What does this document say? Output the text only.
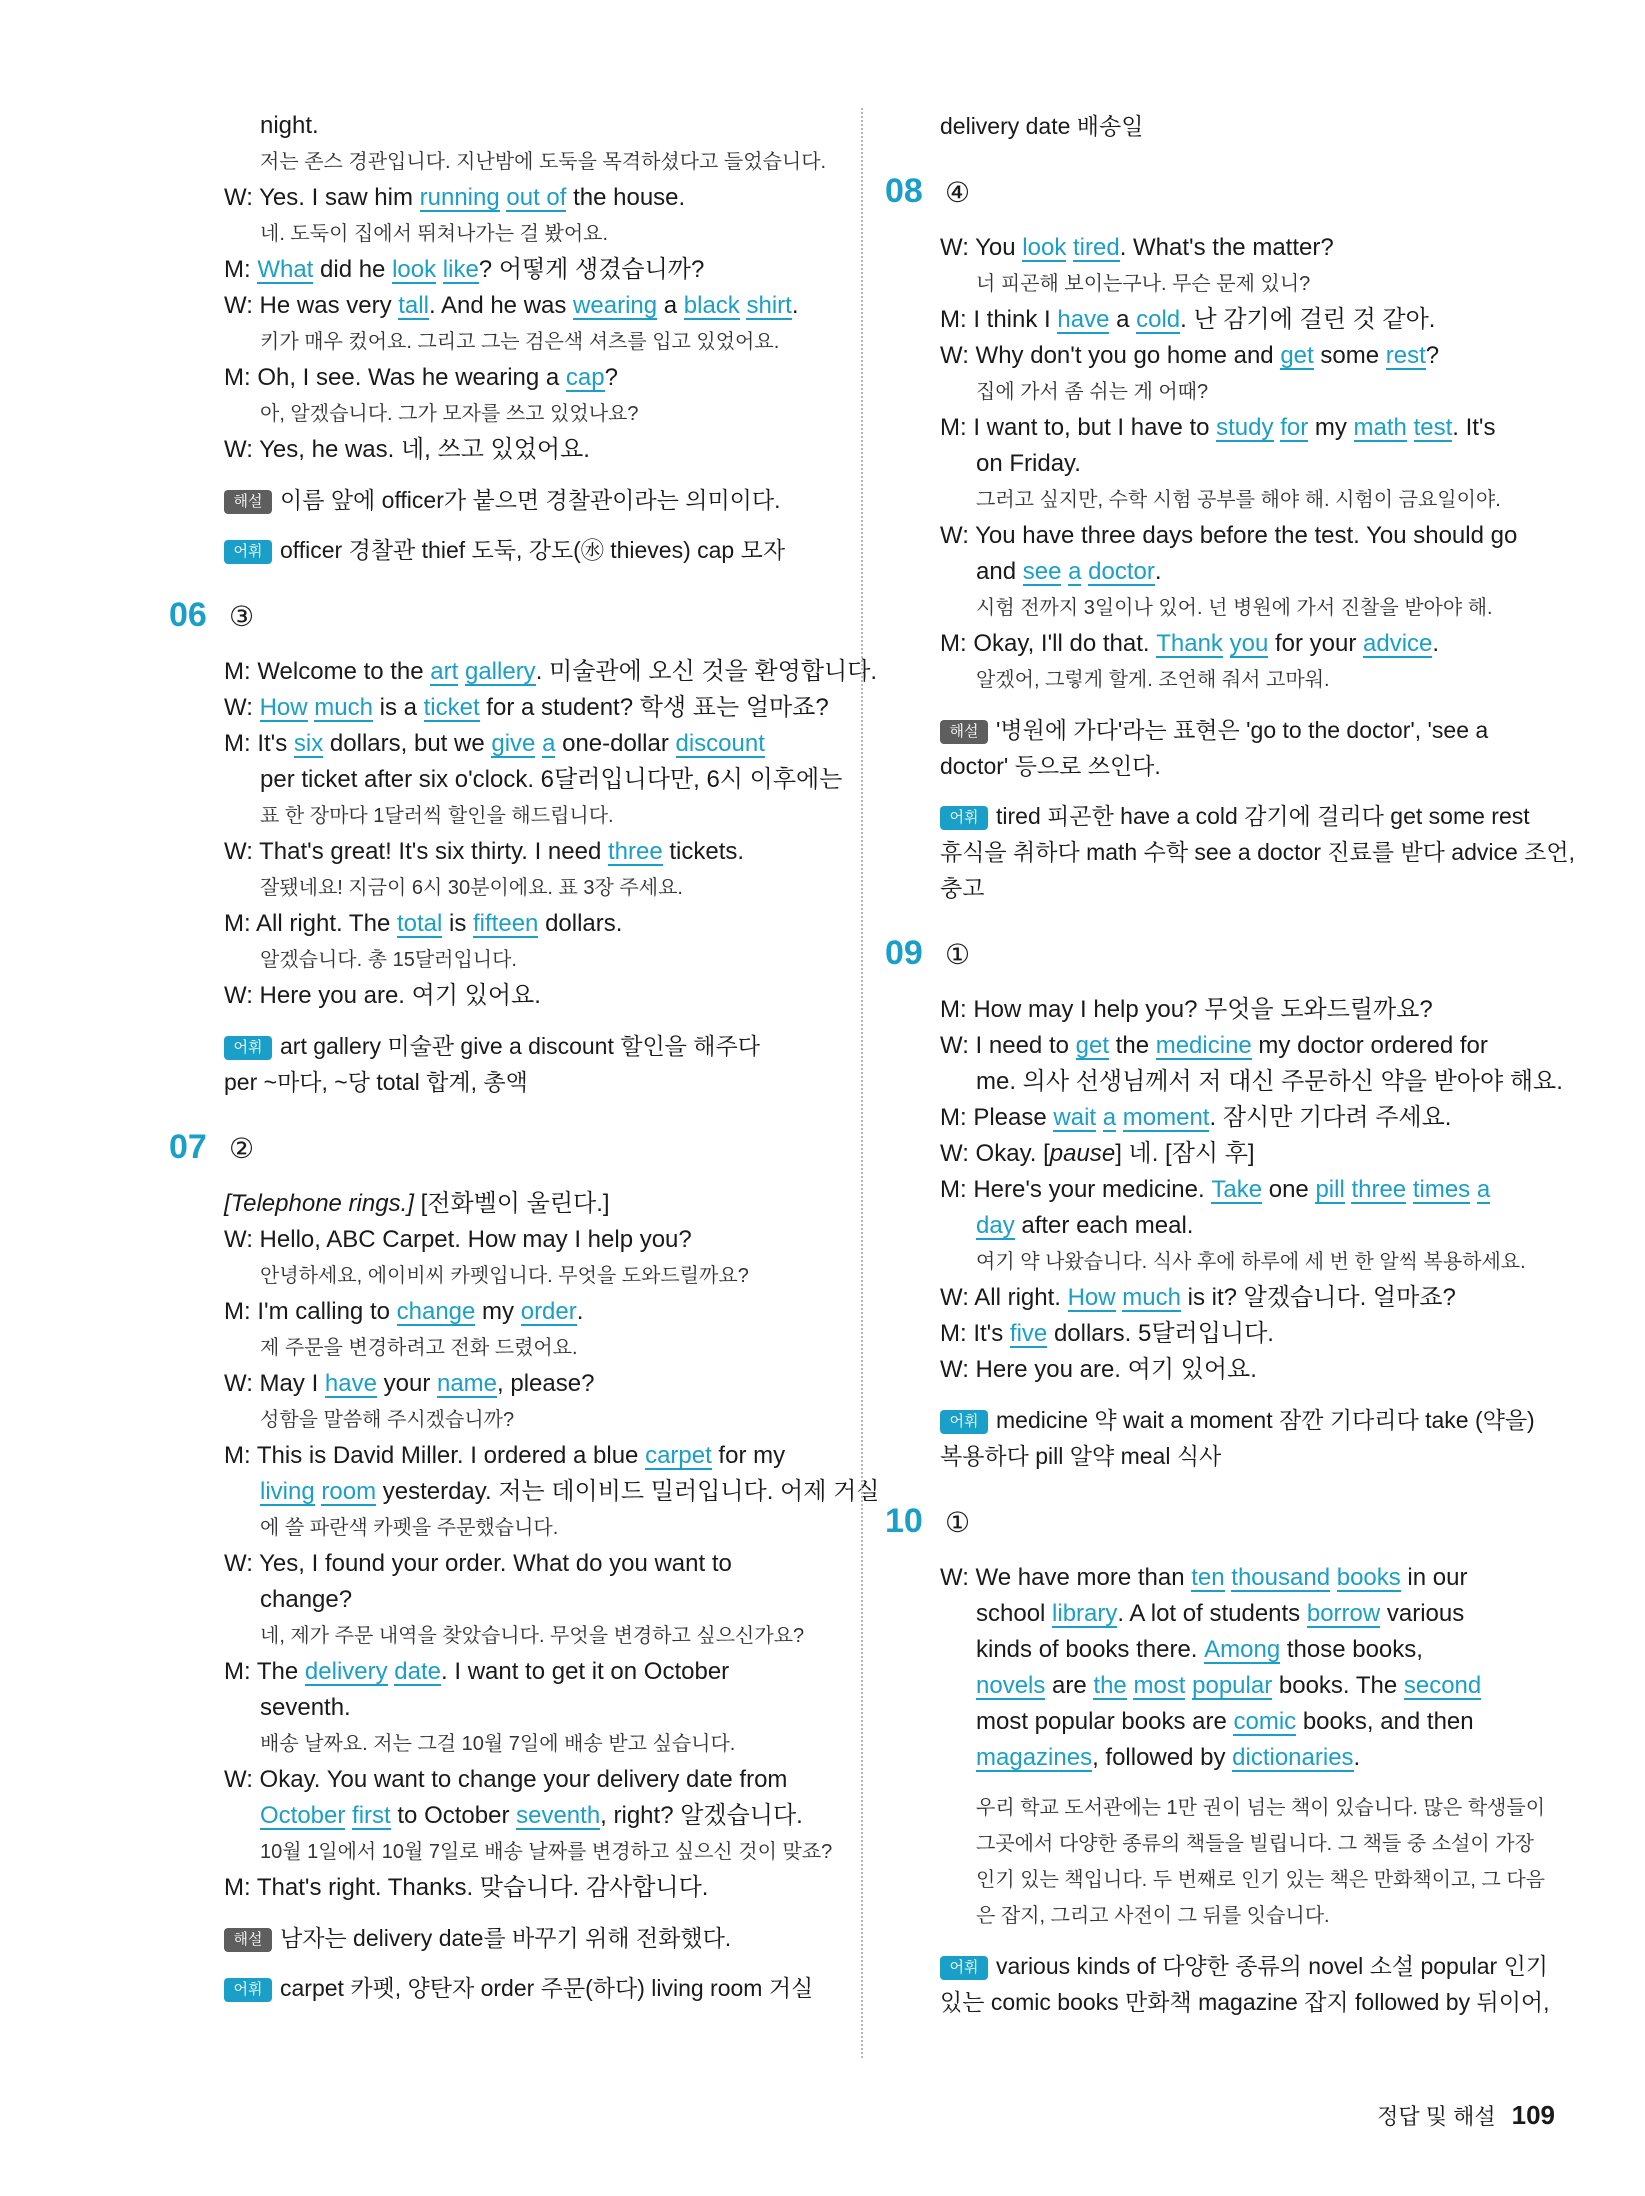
night.
저는 존스 경관입니다. 지난밤에 도둑을 목격하셨다고 들었습니다.
W: Yes. I saw him running out of the house.
네. 도둑이 집에서 뛰쳐나가는 걸 봤어요.
M: What did he look like? 어떻게 생겼습니까?
W: He was very tall. And he was wearing a black shirt.
키가 매우 컸어요. 그리고 그는 검은색 셔츠를 입고 있었어요.
M: Oh, I see. Was he wearing a cap?
아, 알겠습니다. 그가 모자를 쓰고 있었나요?
W: Yes, he was. 네, 쓰고 있었어요.
해설 이름 앞에 officer가 붙으면 경찰관이라는 의미이다.
어휘 officer 경찰관 thief 도둑, 강도(㊌ thieves) cap 모자
06 ③
M: Welcome to the art gallery. 미술관에 오신 것을 환영합니다.
W: How much is a ticket for a student? 학생 표는 얼마죠?
M: It's six dollars, but we give a one-dollar discount
per ticket after six o'clock. 6달러입니다만, 6시 이후에는
표 한 장마다 1달러씩 할인을 해드립니다.
W: That's great! It's six thirty. I need three tickets.
잘됐네요! 지금이 6시 30분이에요. 표 3장 주세요.
M: All right. The total is fifteen dollars.
알겠습니다. 총 15달러입니다.
W: Here you are. 여기 있어요.
어휘 art gallery 미술관 give a discount 할인을 해주다
per ~마다, ~당 total 합계, 총액
07 ②
[Telephone rings.] [전화벨이 울린다.]
W: Hello, ABC Carpet. How may I help you?
안녕하세요, 에이비씨 카펫입니다. 무엇을 도와드릴까요?
M: I'm calling to change my order.
제 주문을 변경하려고 전화 드렸어요.
W: May I have your name, please?
성함을 말씀해 주시겠습니까?
M: This is David Miller. I ordered a blue carpet for my
living room yesterday. 저는 데이비드 밀러입니다. 어제 거실
에 쓸 파란색 카펫을 주문했습니다.
W: Yes, I found your order. What do you want to
change?
네, 제가 주문 내역을 찾았습니다. 무엇을 변경하고 싶으신가요?
M: The delivery date. I want to get it on October
seventh.
배송 날짜요. 저는 그걸 10월 7일에 배송 받고 싶습니다.
W: Okay. You want to change your delivery date from
October first to October seventh, right? 알겠습니다.
10월 1일에서 10월 7일로 배송 날짜를 변경하고 싶으신 것이 맞죠?
M: That's right. Thanks. 맞습니다. 감사합니다.
해설 남자는 delivery date를 바꾸기 위해 전화했다.
어휘 carpet 카펫, 양탄자 order 주문(하다) living room 거실
delivery date 배송일
08 ④
W: You look tired. What's the matter?
너 피곤해 보이는구나. 무슨 문제 있니?
M: I think I have a cold. 난 감기에 걸린 것 같아.
W: Why don't you go home and get some rest?
집에 가서 좀 쉬는 게 어때?
M: I want to, but I have to study for my math test. It's
on Friday.
그러고 싶지만, 수학 시험 공부를 해야 해. 시험이 금요일이야.
W: You have three days before the test. You should go
and see a doctor.
시험 전까지 3일이나 있어. 넌 병원에 가서 진찰을 받아야 해.
M: Okay, I'll do that. Thank you for your advice.
알겠어, 그렇게 할게. 조언해 줘서 고마워.
해설 '병원에 가다'라는 표현은 'go to the doctor', 'see a
doctor' 등으로 쓰인다.
어휘 tired 피곤한 have a cold 감기에 걸리다 get some rest
휴식을 취하다 math 수학 see a doctor 진료를 받다 advice 조언,
충고
09 ①
M: How may I help you? 무엇을 도와드릴까요?
W: I need to get the medicine my doctor ordered for
me. 의사 선생님께서 저 대신 주문하신 약을 받아야 해요.
M: Please wait a moment. 잠시만 기다려 주세요.
W: Okay. [pause] 네. [잠시 후]
M: Here's your medicine. Take one pill three times a
day after each meal.
여기 약 나왔습니다. 식사 후에 하루에 세 번 한 알씩 복용하세요.
W: All right. How much is it? 알겠습니다. 얼마죠?
M: It's five dollars. 5달러입니다.
W: Here you are. 여기 있어요.
어휘 medicine 약 wait a moment 잠깐 기다리다 take (약을)
복용하다 pill 알약 meal 식사
10 ①
W: We have more than ten thousand books in our
school library. A lot of students borrow various
kinds of books there. Among those books,
novels are the most popular books. The second
most popular books are comic books, and then
magazines, followed by dictionaries.
우리 학교 도서관에는 1만 권이 넘는 책이 있습니다. 많은 학생들이
그곳에서 다양한 종류의 책들을 빌립니다. 그 책들 중 소설이 가장
인기 있는 책입니다. 두 번째로 인기 있는 책은 만화책이고, 그 다음
은 잡지, 그리고 사전이 그 뒤를 잇습니다.
어휘 various kinds of 다양한 종류의 novel 소설 popular 인기
있는 comic books 만화책 magazine 잡지 followed by 뒤이어,
정답 및 해설 109
